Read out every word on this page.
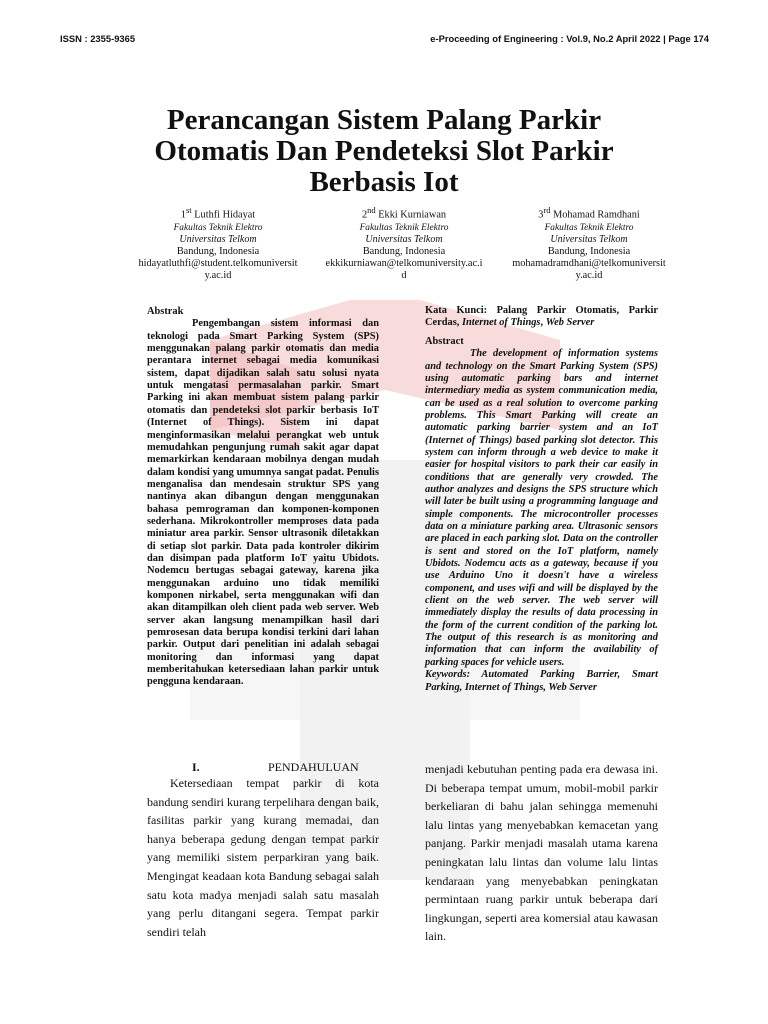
ISSN : 2355-9365	e-Proceeding of Engineering : Vol.9, No.2 April 2022 | Page 174
Perancangan Sistem Palang Parkir Otomatis Dan Pendeteksi Slot Parkir Berbasis Iot
1st Luthfi Hidayat
Fakultas Teknik Elektro
Universitas Telkom
Bandung, Indonesia
hidayatluthfi@student.telkomuniversity.ac.id
2nd Ekki Kurniawan
Fakultas Teknik Elektro
Universitas Telkom
Bandung, Indonesia
ekkikurniawan@telkomuniversity.ac.id
3rd Mohamad Ramdhani
Fakultas Teknik Elektro
Universitas Telkom
Bandung, Indonesia
mohamadramdhani@telkomuniversity.ac.id
Abstrak

Pengembangan sistem informasi dan teknologi pada Smart Parking System (SPS) menggunakan palang parkir otomatis dan media perantara internet sebagai media komunikasi sistem, dapat dijadikan salah satu solusi nyata untuk mengatasi permasalahan parkir. Smart Parking ini akan membuat sistem palang parkir otomatis dan pendeteksi slot parkir berbasis IoT (Internet of Things). Sistem ini dapat menginformasikan melalui perangkat web untuk memudahkan pengunjung rumah sakit agar dapat memarkirkan kendaraan mobilnya dengan mudah dalam kondisi yang umumnya sangat padat. Penulis menganalisa dan mendesain struktur SPS yang nantinya akan dibangun dengan menggunakan bahasa pemrograman dan komponen-komponen sederhana. Mikrokontroller memproses data pada miniatur area parkir. Sensor ultrasonik diletakkan di setiap slot parkir. Data pada kontroler dikirim dan disimpan pada platform IoT yaitu Ubidots. Nodemcu bertugas sebagai gateway, karena jika menggunakan arduino uno tidak memiliki komponen nirkabel, serta menggunakan wifi dan akan ditampilkan oleh client pada web server. Web server akan langsung menampilkan hasil dari pemrosesan data berupa kondisi terkini dari lahan parkir. Output dari penelitian ini adalah sebagai monitoring dan informasi yang dapat memberitahukan ketersediaan lahan parkir untuk pengguna kendaraan.

Kata Kunci: Palang Parkir Otomatis, Parkir Cerdas, Internet of Things, Web Server

Abstract

The development of information systems and technology on the Smart Parking System (SPS) using automatic parking bars and internet intermediary media as system communication media, can be used as a real solution to overcome parking problems. This Smart Parking will create an automatic parking barrier system and an IoT (Internet of Things) based parking slot detector. This system can inform through a web device to make it easier for hospital visitors to park their car easily in conditions that are generally very crowded. The author analyzes and designs the SPS structure which will later be built using a programming language and simple components. The microcontroller processes data on a miniature parking area. Ultrasonic sensors are placed in each parking slot. Data on the controller is sent and stored on the IoT platform, namely Ubidots. Nodemcu acts as a gateway, because if you use Arduino Uno it doesn't have a wireless component, and uses wifi and will be displayed by the client on the web server. The web server will immediately display the results of data processing in the form of the current condition of the parking lot. The output of this research is as monitoring and information that can inform the availability of parking spaces for vehicle users.

Keywords: Automated Parking Barrier, Smart Parking, Internet of Things, Web Server

I.	PENDAHULUAN

Ketersediaan tempat parkir di kota bandung sendiri kurang terpelihara dengan baik, fasilitas parkir yang kurang memadai, dan hanya beberapa gedung dengan tempat parkir yang memiliki sistem perparkiran yang baik. Mengingat keadaan kota Bandung sebagai salah satu kota madya menjadi salah satu masalah yang perlu ditangani segera. Tempat parkir sendiri telah

menjadi kebutuhan penting pada era dewasa ini. Di beberapa tempat umum, mobil-mobil parkir berkeliaran di bahu jalan sehingga memenuhi lalu lintas yang menyebabkan kemacetan yang panjang. Parkir menjadi masalah utama karena peningkatan lalu lintas dan volume lalu lintas kendaraan yang menyebabkan peningkatan permintaan ruang parkir untuk beberapa dari lingkungan, seperti area komersial atau kawasan lain.
